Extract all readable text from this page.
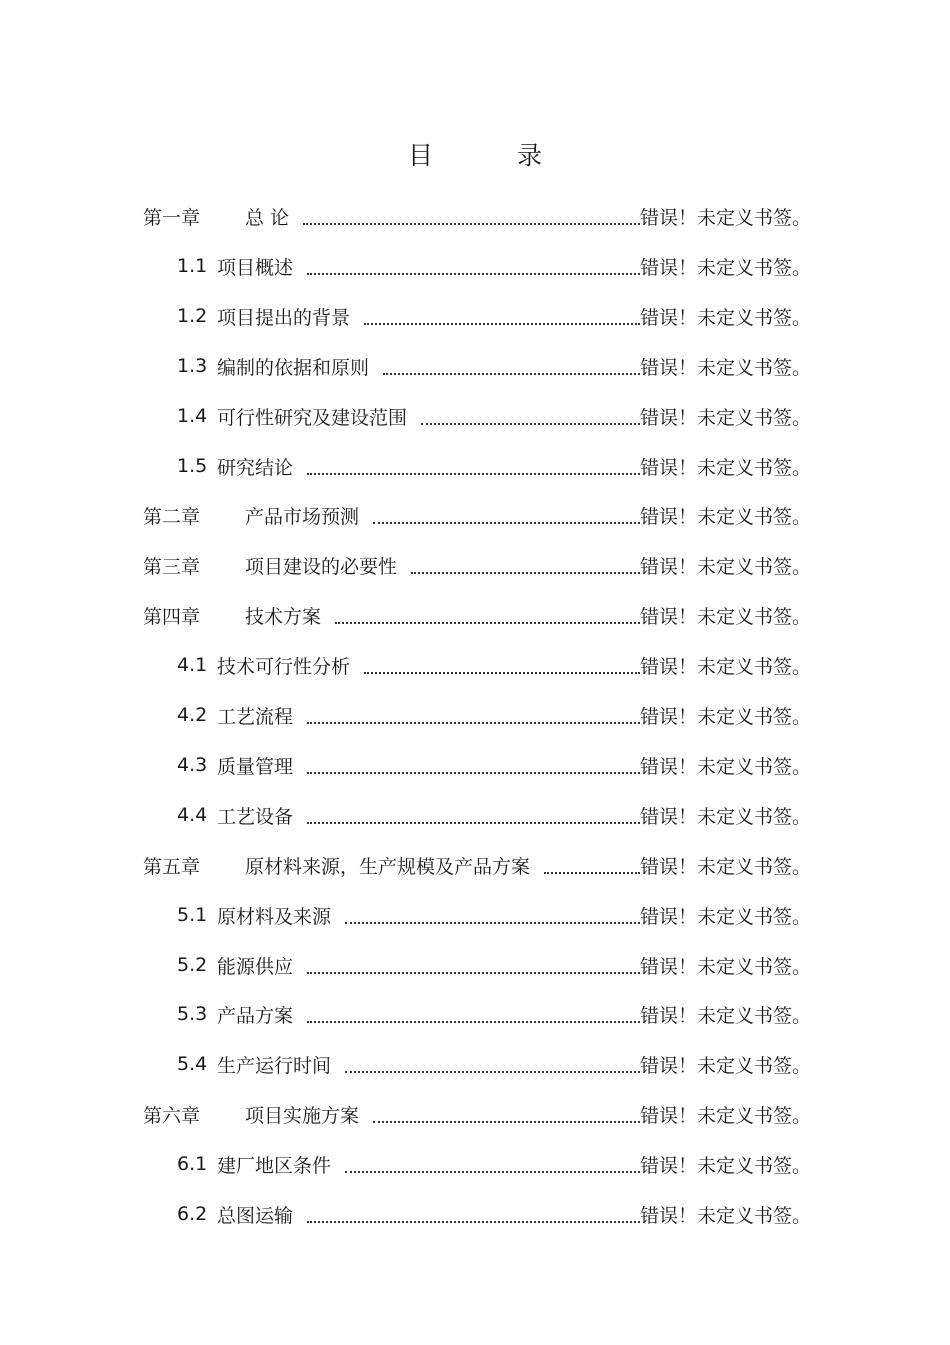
目 录
第一章	总 论	错误！未定义书签。
1.1 项目概述	错误！未定义书签。
1.2 项目提出的背景	错误！未定义书签。
1.3 编制的依据和原则	错误！未定义书签。
1.4 可行性研究及建设范围	错误！未定义书签。
1.5 研究结论	错误！未定义书签。
第二章	产品市场预测	错误！未定义书签。
第三章	项目建设的必要性	错误！未定义书签。
第四章	技术方案	错误！未定义书签。
4.1 技术可行性分析	错误！未定义书签。
4.2 工艺流程	错误！未定义书签。
4.3 质量管理	错误！未定义书签。
4.4 工艺设备	错误！未定义书签。
第五章	原材料来源，生产规模及产品方案	错误！未定义书签。
5.1 原材料及来源	错误！未定义书签。
5.2 能源供应	错误！未定义书签。
5.3 产品方案	错误！未定义书签。
5.4 生产运行时间	错误！未定义书签。
第六章	项目实施方案	错误！未定义书签。
6.1 建厂地区条件	错误！未定义书签。
6.2 总图运输	错误！未定义书签。
